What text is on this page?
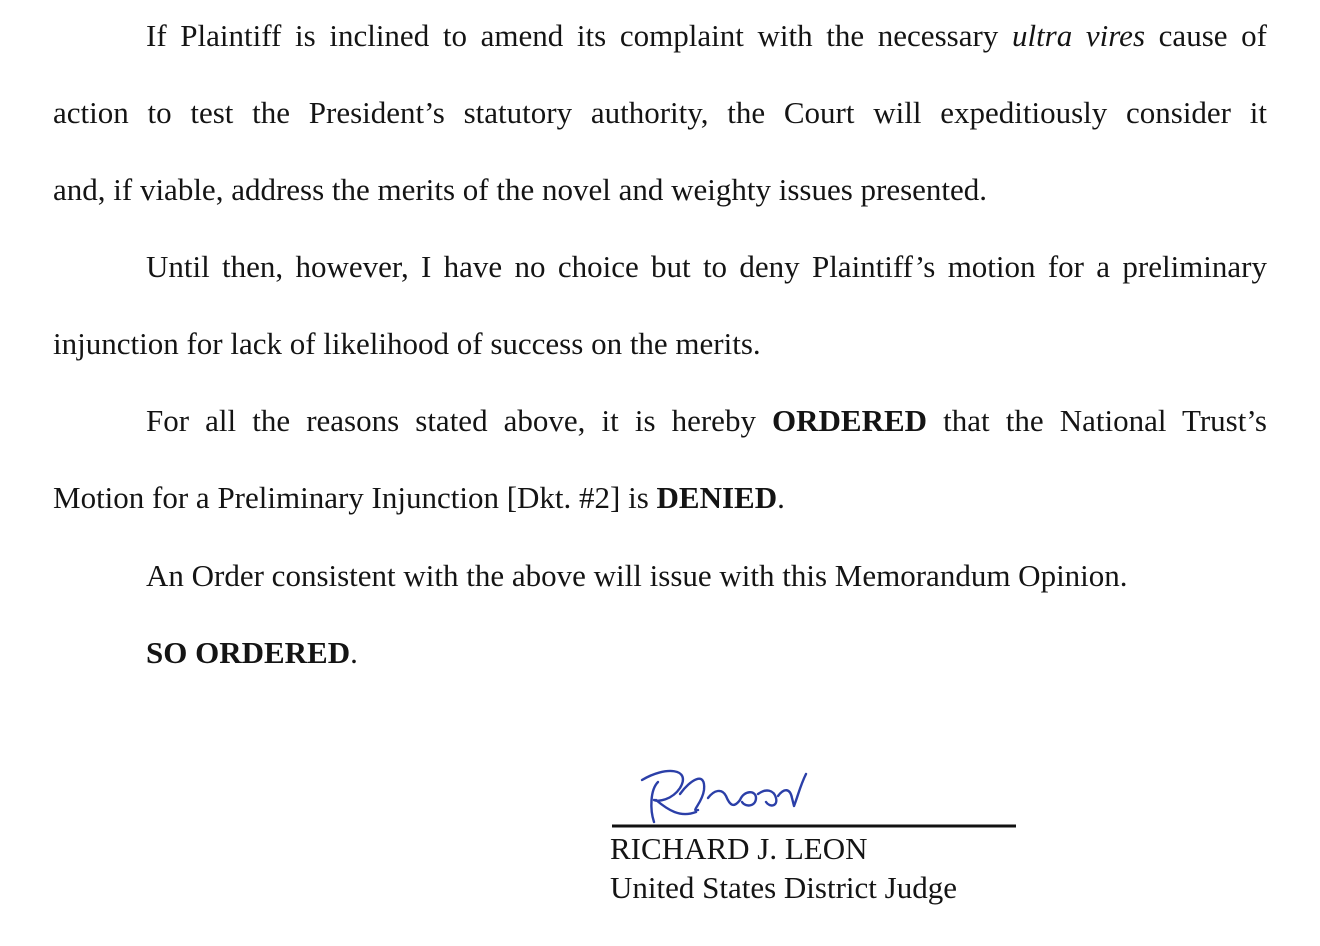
If Plaintiff is inclined to amend its complaint with the necessary ultra vires cause of
action to test the President’s statutory authority, the Court will expeditiously consider it
and, if viable, address the merits of the novel and weighty issues presented.
Until then, however, I have no choice but to deny Plaintiff’s motion for a preliminary
injunction for lack of likelihood of success on the merits.
For all the reasons stated above, it is hereby ORDERED that the National Trust’s
Motion for a Preliminary Injunction [Dkt. #2] is DENIED.
An Order consistent with the above will issue with this Memorandum Opinion.
SO ORDERED.
RICHARD J. LEON
United States District Judge
